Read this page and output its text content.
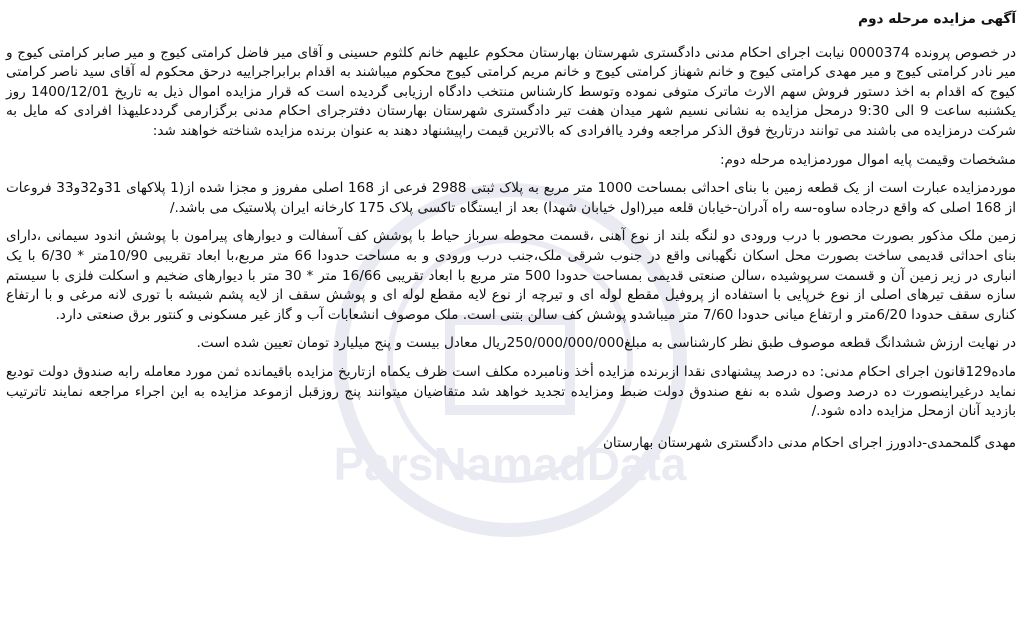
ParsNamadData
آگهی مزایده مرحله دوم

در خصوص پرونده 0000374 نیابت اجرای احکام مدنی دادگستری شهرستان بهارستان محکوم علیهم خانم کلثوم حسینی و آقای میر فاضل کرامتی کیوج و میر صابر کرامتی کیوج و میر نادر کرامتی کیوج و میر مهدی کرامتی کیوج و خانم شهناز کرامتی کیوج و خانم مریم کرامتی کیوج محکوم میباشند به اقدام برابراجراییه درحق محکوم له آقای سید ناصر کرامتی کیوج که اقدام به اخذ دستور فروش سهم الارث ماترک متوفی نموده وتوسط کارشناس منتخب دادگاه ارزیابی گردیده است که قرار مزایده اموال ذیل به تاریخ 1400/12/01 روز یکشنبه ساعت 9 الی 9:30 درمحل مزایده به نشانی نسیم شهر میدان هفت تیر دادگستری شهرستان بهارستان دفترجرای احکام مدنی برگزارمی گرددعلیهذا افرادی که مایل به شرکت درمزایده می باشند می توانند درتاریخ فوق الذکر مراجعه وفرد یاافرادی که بالاترین قیمت راپیشنهاد دهند به عنوان برنده مزایده شناخته خواهند شد:

مشخصات وقیمت پایه اموال موردمزایده مرحله دوم:

موردمزایده عبارت است از یک قطعه زمین با بنای احداثی بمساحت 1000 متر مربع به پلاک ثبتی 2988 فرعی از 168 اصلی مفروز و مجزا شده از(1 پلاکهای 31و32و33 فروعات از 168 اصلی که واقع درجاده ساوه-سه راه آدران-خیابان قلعه میر(اول خیابان شهدا) بعد از ایستگاه تاکسی پلاک 175 کارخانه ایران پلاستیک می باشد./

زمین ملک مذکور بصورت محصور با درب ورودی دو لنگه بلند از نوع آهنی ،قسمت محوطه سرباز حیاط با پوشش کف آسفالت و دیوارهای پیرامون با پوشش اندود سیمانی ،دارای بنای احداثی قدیمی ساخت بصورت محل اسکان نگهبانی واقع در جنوب شرقی ملک،جنب درب ورودی و به مساحت حدودا 66 متر مربع،با ابعاد تقریبی 10/90متر * 6/30 با یک انباری در زیر زمین آن و قسمت سرپوشیده ،سالن صنعتی قدیمی بمساحت حدودا 500 متر مربع با ابعاد تقریبی 16/66 متر * 30 متر با دیوارهای ضخیم و اسکلت فلزی با سیستم سازه سقف تیرهای اصلی از نوع خرپایی با استفاده از پروفیل مقطع لوله ای و تیرچه از نوع لایه مقطع لوله ای و پوشش سقف از لایه پشم شیشه با توری لانه مرغی و با ارتفاع کناری سقف حدودا 6/20متر و ارتفاع میانی حدودا 7/60 متر میباشدو پوشش کف سالن بتنی است. ملک موصوف انشعابات آب و گاز غیر مسکونی و کنتور برق صنعتی دارد.

در نهایت ارزش ششدانگ قطعه موصوف طبق نظر کارشناسی به مبلغ250/000/000/000ریال معادل بیست و پنج میلیارد تومان تعیین شده است.

ماده129قانون اجرای احکام مدنی: ده درصد پیشنهادی نقدا ازبرنده مزایده أخذ ونامبرده مکلف است ظرف یکماه ازتاریخ مزایده باقیمانده ثمن مورد معامله رابه صندوق دولت تودیع نماید درغیراینصورت ده درصد وصول شده به نفع صندوق دولت ضبط ومزایده تجدید خواهد شد متقاضیان میتوانند پنج روزقبل ازموعد مزایده به این اجراء مراجعه نمایند تاترتیب بازدید آنان ازمحل مزایده داده شود./

مهدی گلمحمدی-دادورز اجرای احکام مدنی دادگستری شهرستان بهارستان
